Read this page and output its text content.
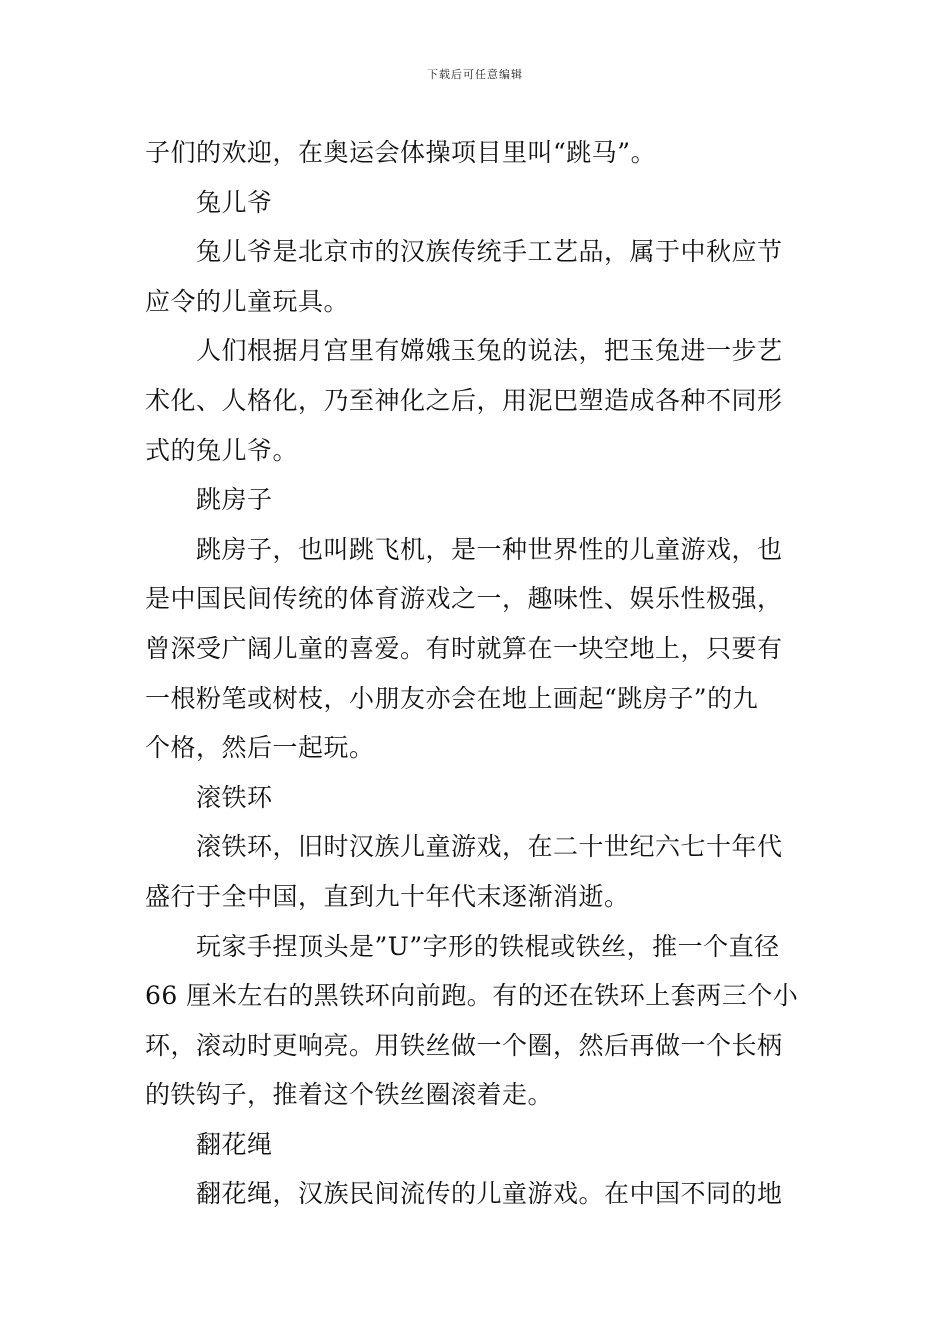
下载后可任意编辑
子们的欢迎，在奥运会体操项目里叫“跳马”。
兔儿爷
兔儿爷是北京市的汉族传统手工艺品，属于中秋应节
应令的儿童玩具。
人们根据月宫里有嫦娥玉兔的说法，把玉兔进一步艺
术化、人格化，乃至神化之后，用泥巴塑造成各种不同形
式的兔儿爷。
跳房子
跳房子，也叫跳飞机，是一种世界性的儿童游戏，也
是中国民间传统的体育游戏之一，趣味性、娱乐性极强，
曾深受广阔儿童的喜爱。有时就算在一块空地上，只要有
一根粉笔或树枝，小朋友亦会在地上画起“跳房子”的九
个格，然后一起玩。
滚铁环
滚铁环，旧时汉族儿童游戏，在二十世纪六七十年代
盛行于全中国，直到九十年代末逐渐消逝。
玩家手捏顶头是”U”字形的铁棍或铁丝，推一个直径
66 厘米左右的黑铁环向前跑。有的还在铁环上套两三个小
环，滚动时更响亮。用铁丝做一个圈，然后再做一个长柄
的铁钩子，推着这个铁丝圈滚着走。
翻花绳
翻花绳，汉族民间流传的儿童游戏。在中国不同的地
